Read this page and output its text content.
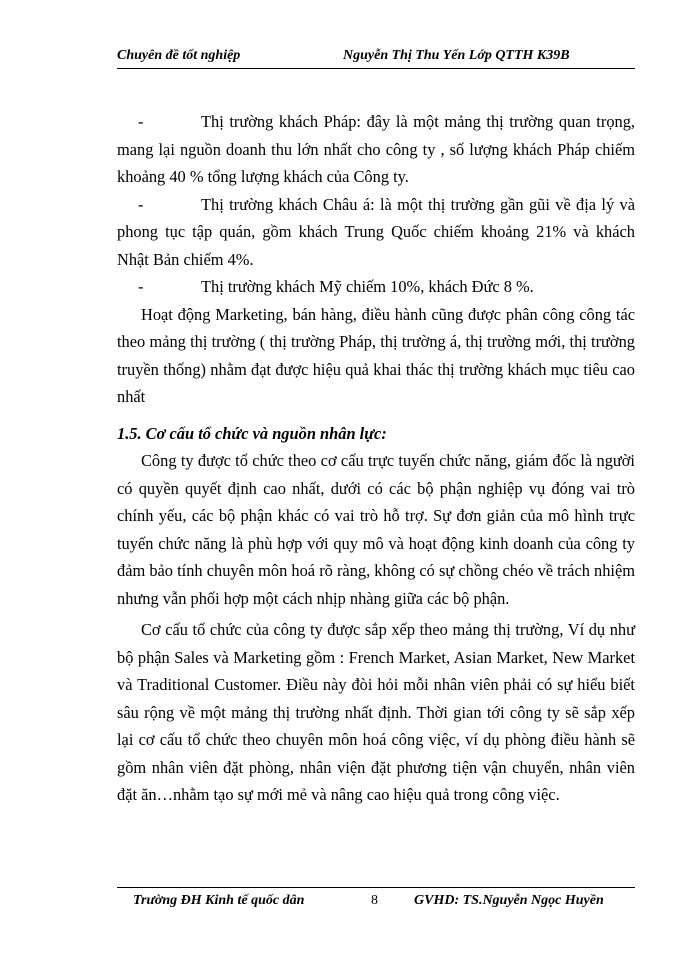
Chuyên đề tốt nghiệp	Nguyễn Thị Thu Yến Lớp QTTH K39B

-	Thị trường khách Pháp: đây là một mảng thị trường quan trọng, mang lại nguồn doanh thu lớn nhất cho công ty , số lượng khách Pháp chiếm khoảng 40 % tổng lượng khách của Công ty.

-	Thị trường khách Châu á: là một thị trường gần gũi về địa lý và phong tục tập quán, gồm khách Trung Quốc chiếm khoảng 21% và khách Nhật Bản chiếm 4%.

-	Thị trường khách Mỹ chiếm 10%, khách Đức 8 %.

Hoạt động Marketing, bán hàng, điều hành cũng được phân công công tác theo mảng thị trường ( thị trường Pháp, thị trường á, thị trường mới, thị trường truyền thống) nhằm đạt được hiệu quả khai thác thị trường khách mục tiêu cao nhất

1.5. Cơ cấu tổ chức và nguồn nhân lực:

Công ty được tổ chức theo cơ cấu trực tuyến chức năng, giám đốc là người có quyền quyết định cao nhất, dưới có các bộ phận nghiệp vụ đóng vai trò chính yếu, các bộ phận khác có vai trò hỗ trợ. Sự đơn giản của mô hình trực tuyến chức năng là phù hợp với quy mô và hoạt động kinh doanh của công ty đảm bảo tính chuyên môn hoá rõ ràng, không có sự chồng chéo về trách nhiệm nhưng vẫn phối hợp một cách nhịp nhàng giữa các bộ phận.

Cơ cấu tổ chức của công ty được sắp xếp theo mảng thị trường, Ví dụ như bộ phận Sales và Marketing gồm : French Market, Asian Market, New Market và Traditional Customer. Điều này đòi hỏi mỗi nhân viên phải có sự hiểu biết sâu rộng về một mảng thị trường nhất định. Thời gian tới công ty sẽ sắp xếp lại cơ cấu tổ chức theo chuyên môn hoá công việc, ví dụ phòng điều hành sẽ gồm nhân viên đặt phòng, nhân viện đặt phương tiện vận chuyển, nhân viên đặt ăn…nhằm tạo sự mới mẻ và nâng cao hiệu quả trong công việc.

Trường ĐH Kinh tế quốc dân	8	GVHD: TS.Nguyễn Ngọc Huyền
